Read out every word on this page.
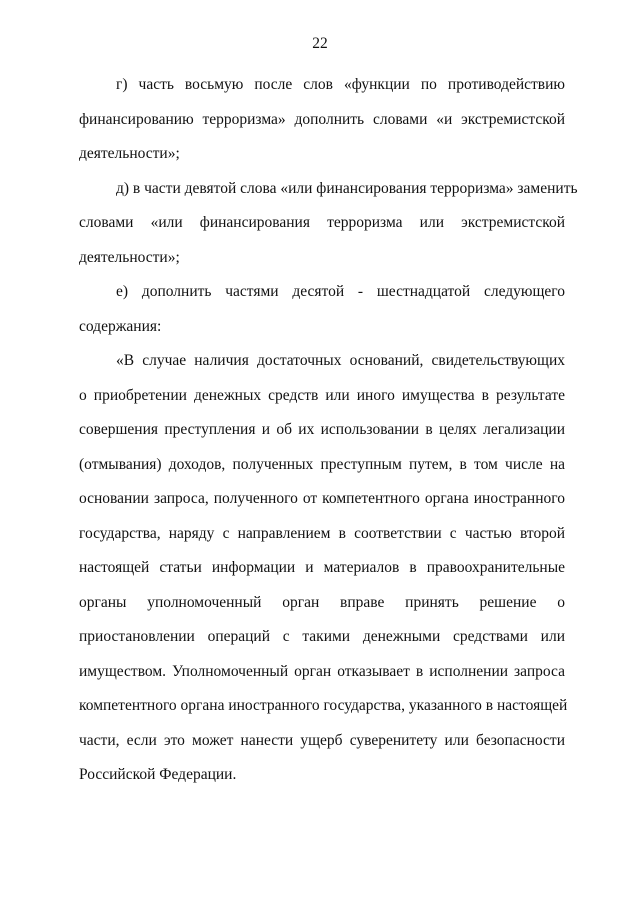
22

г) часть восьмую после слов «функции по противодействию
финансированию терроризма» дополнить словами «и экстремистской
деятельности»;

д) в части девятой слова «или финансирования терроризма» заменить
словами «или финансирования терроризма или экстремистской
деятельности»;

е) дополнить частями десятой - шестнадцатой следующего
содержания:

«В случае наличия достаточных оснований, свидетельствующих
о приобретении денежных средств или иного имущества в результате
совершения преступления и об их использовании в целях легализации
(отмывания) доходов, полученных преступным путем, в том числе на
основании запроса, полученного от компетентного органа иностранного
государства, наряду с направлением в соответствии с частью второй
настоящей статьи информации и материалов в правоохранительные
органы уполномоченный орган вправе принять решение о
приостановлении операций с такими денежными средствами или
имуществом. Уполномоченный орган отказывает в исполнении запроса
компетентного органа иностранного государства, указанного в настоящей
части, если это может нанести ущерб суверенитету или безопасности
Российской Федерации.
